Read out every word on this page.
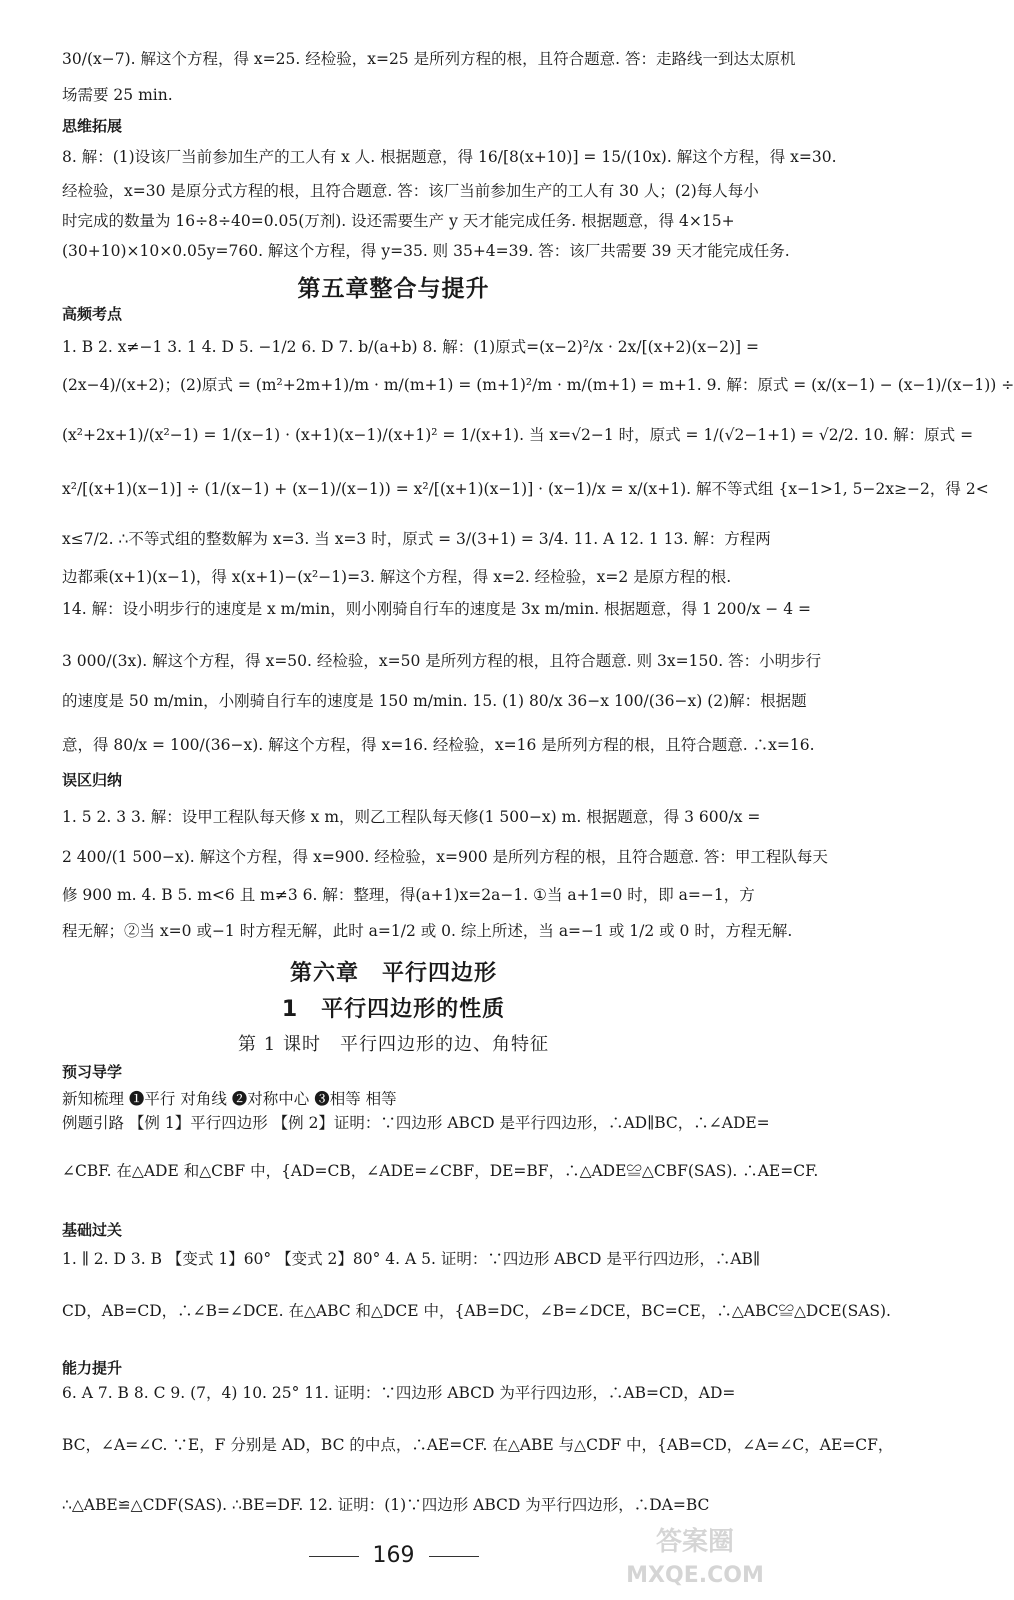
30/(x−7). 解这个方程，得 x=25. 经检验，x=25 是所列方程的根，且符合题意. 答：走路线一到达太原机
场需要 25 min.
思维拓展
8. 解：(1)设该厂当前参加生产的工人有 x 人. 根据题意，得 16/[8(x+10)] = 15/(10x). 解这个方程，得 x=30.
经检验，x=30 是原分式方程的根，且符合题意. 答：该厂当前参加生产的工人有 30 人；(2)每人每小
时完成的数量为 16÷8÷40=0.05(万剂). 设还需要生产 y 天才能完成任务. 根据题意，得 4×15+
(30+10)×10×0.05y=760. 解这个方程，得 y=35. 则 35+4=39. 答：该厂共需要 39 天才能完成任务.
第五章整合与提升
高频考点
1. B 2. x≠−1 3. 1 4. D 5. −1/2 6. D 7. b/(a+b) 8. 解：(1)原式=(x−2)²/x · 2x/[(x+2)(x−2)] =
(2x−4)/(x+2)；(2)原式 = (m²+2m+1)/m · m/(m+1) = (m+1)²/m · m/(m+1) = m+1. 9. 解：原式 = (x/(x−1) − (x−1)/(x−1)) ÷
(x²+2x+1)/(x²−1) = 1/(x−1) · (x+1)(x−1)/(x+1)² = 1/(x+1). 当 x=√2−1 时，原式 = 1/(√2−1+1) = √2/2. 10. 解：原式 =
x²/[(x+1)(x−1)] ÷ (1/(x−1) + (x−1)/(x−1)) = x²/[(x+1)(x−1)] · (x−1)/x = x/(x+1). 解不等式组 {x−1>1, 5−2x≥−2，得 2<
x≤7/2. ∴不等式组的整数解为 x=3. 当 x=3 时，原式 = 3/(3+1) = 3/4. 11. A 12. 1 13. 解：方程两
边都乘(x+1)(x−1)，得 x(x+1)−(x²−1)=3. 解这个方程，得 x=2. 经检验，x=2 是原方程的根.
14. 解：设小明步行的速度是 x m/min，则小刚骑自行车的速度是 3x m/min. 根据题意，得 1 200/x − 4 =
3 000/(3x). 解这个方程，得 x=50. 经检验，x=50 是所列方程的根，且符合题意. 则 3x=150. 答：小明步行
的速度是 50 m/min，小刚骑自行车的速度是 150 m/min. 15. (1) 80/x 36−x 100/(36−x) (2)解：根据题
意，得 80/x = 100/(36−x). 解这个方程，得 x=16. 经检验，x=16 是所列方程的根，且符合题意. ∴x=16.
误区归纳
1. 5 2. 3 3. 解：设甲工程队每天修 x m，则乙工程队每天修(1 500−x) m. 根据题意，得 3 600/x =
2 400/(1 500−x). 解这个方程，得 x=900. 经检验，x=900 是所列方程的根，且符合题意. 答：甲工程队每天
修 900 m. 4. B 5. m<6 且 m≠3 6. 解：整理，得(a+1)x=2a−1. ①当 a+1=0 时，即 a=−1，方
程无解；②当 x=0 或−1 时方程无解，此时 a=1/2 或 0. 综上所述，当 a=−1 或 1/2 或 0 时，方程无解.
第六章　平行四边形
1　平行四边形的性质
第 1 课时　平行四边形的边、角特征
预习导学
新知梳理 ❶平行 对角线 ❷对称中心 ❸相等 相等
例题引路 【例 1】平行四边形 【例 2】证明：∵四边形 ABCD 是平行四边形，∴AD∥BC，∴∠ADE=
∠CBF. 在△ADE 和△CBF 中，{AD=CB，∠ADE=∠CBF，DE=BF，∴△ADE≌△CBF(SAS). ∴AE=CF.
基础过关
1. ∥ 2. D 3. B 【变式 1】60° 【变式 2】80° 4. A 5. 证明：∵四边形 ABCD 是平行四边形，∴AB∥
CD，AB=CD，∴∠B=∠DCE. 在△ABC 和△DCE 中，{AB=DC，∠B=∠DCE，BC=CE，∴△ABC≌△DCE(SAS).
能力提升
6. A 7. B 8. C 9. (7，4) 10. 25° 11. 证明：∵四边形 ABCD 为平行四边形，∴AB=CD，AD=
BC，∠A=∠C. ∵E，F 分别是 AD，BC 的中点，∴AE=CF. 在△ABE 与△CDF 中，{AB=CD，∠A=∠C，AE=CF，
∴△ABE≌△CDF(SAS). ∴BE=DF. 12. 证明：(1)∵四边形 ABCD 为平行四边形，∴DA=BC
169	答案圈
MXQE.COM
